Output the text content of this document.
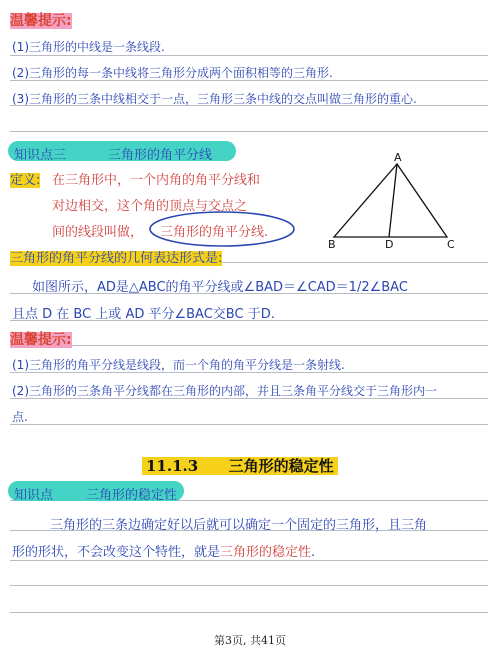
温馨提示:
(1)三角形的中线是一条线段.
(2)三角形的每一条中线将三角形分成两个面积相等的三角形.
(3)三角形的三条中线相交于一点，三角形三条中线的交点叫做三角形的重心.
知识点三	三角形的角平分线
定义: 在三角形中，一个内角的角平分线和
对边相交，这个角的顶点与交点之
间的线段叫做， 三角形的角平分线.
A
B	D	C
三角形的角平分线的几何表达形式是:
如图所示，AD是△ABC的角平分线或∠BAD＝∠CAD＝1/2∠BAC
且点 D 在 BC 上或 AD 平分∠BAC交BC 于D.
温馨提示:
(1)三角形的角平分线是线段，而一个角的角平分线是一条射线.
(2)三角形的三条角平分线都在三角形的内部，并且三条角平分线交于三角形内一
点.
11.1.3 三角形的稳定性
知识点	三角形的稳定性
三角形的三条边确定好以后就可以确定一个固定的三角形，且三角
形的形状，不会改变这个特性，就是三角形的稳定性.
第3页, 共41页
